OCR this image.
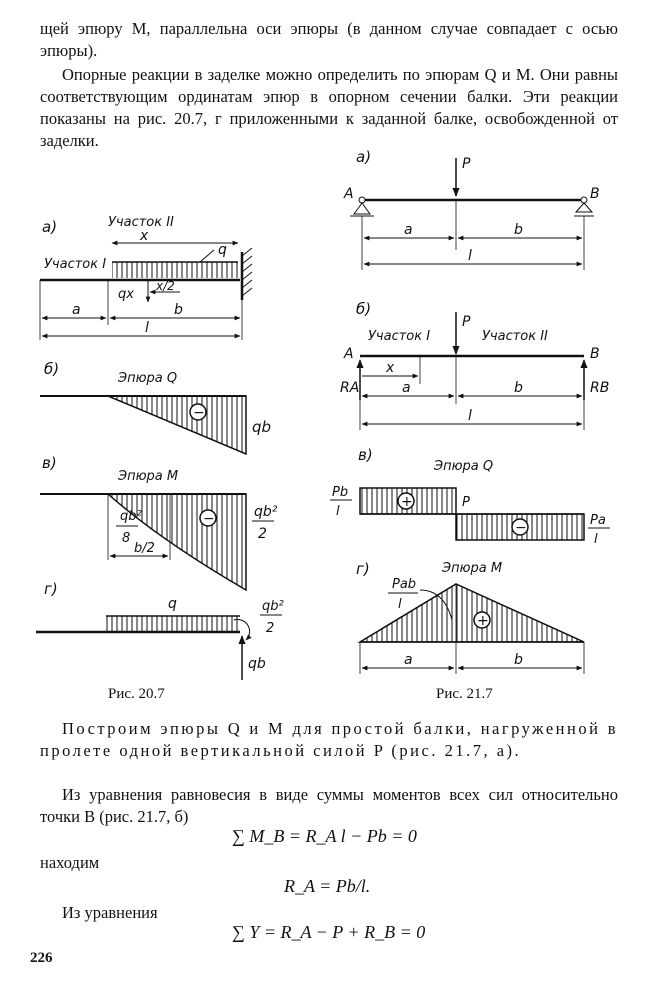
щей эпюру М, параллельна оси эпюры (в данном случае совпадает с осью эпюры).
Опорные реакции в заделке можно определить по эпюрам Q и М. Они равны соответствующим ординатам эпюр в опорном сечении балки. Эти реакции показаны на рис. 20.7, г приложенными к заданной балке, освобожденной от заделки.
а)	Участок II
Участок I
x
q
qx
x/2
a	b
l
б)
Эпюра Q
−
qb
в)
Эпюра M
−	qb²
2
qb²
8
b/2
г)
q	qb²
2
qb
а)	P
A	B
a	b
l
б)
P
Участок I	Участок II
A	B
RA	RB
x
a	b
l
в)
Эпюра Q
+
−
P
Pb
l
Pa
l
г)	Эпюра M
+
Pab
l
a	b
Рис. 20.7	Рис. 21.7
Построим эпюры Q и М для простой балки, нагруженной в пролете одной вертикальной силой P (рис. 21.7, а).
Из уравнения равновесия в виде суммы моментов всех сил относительно точки B (рис. 21.7, б)
∑ M_B = R_A l − Pb = 0
находим
R_A = Pb/l.
Из уравнения
∑ Y = R_A − P + R_B = 0
226
